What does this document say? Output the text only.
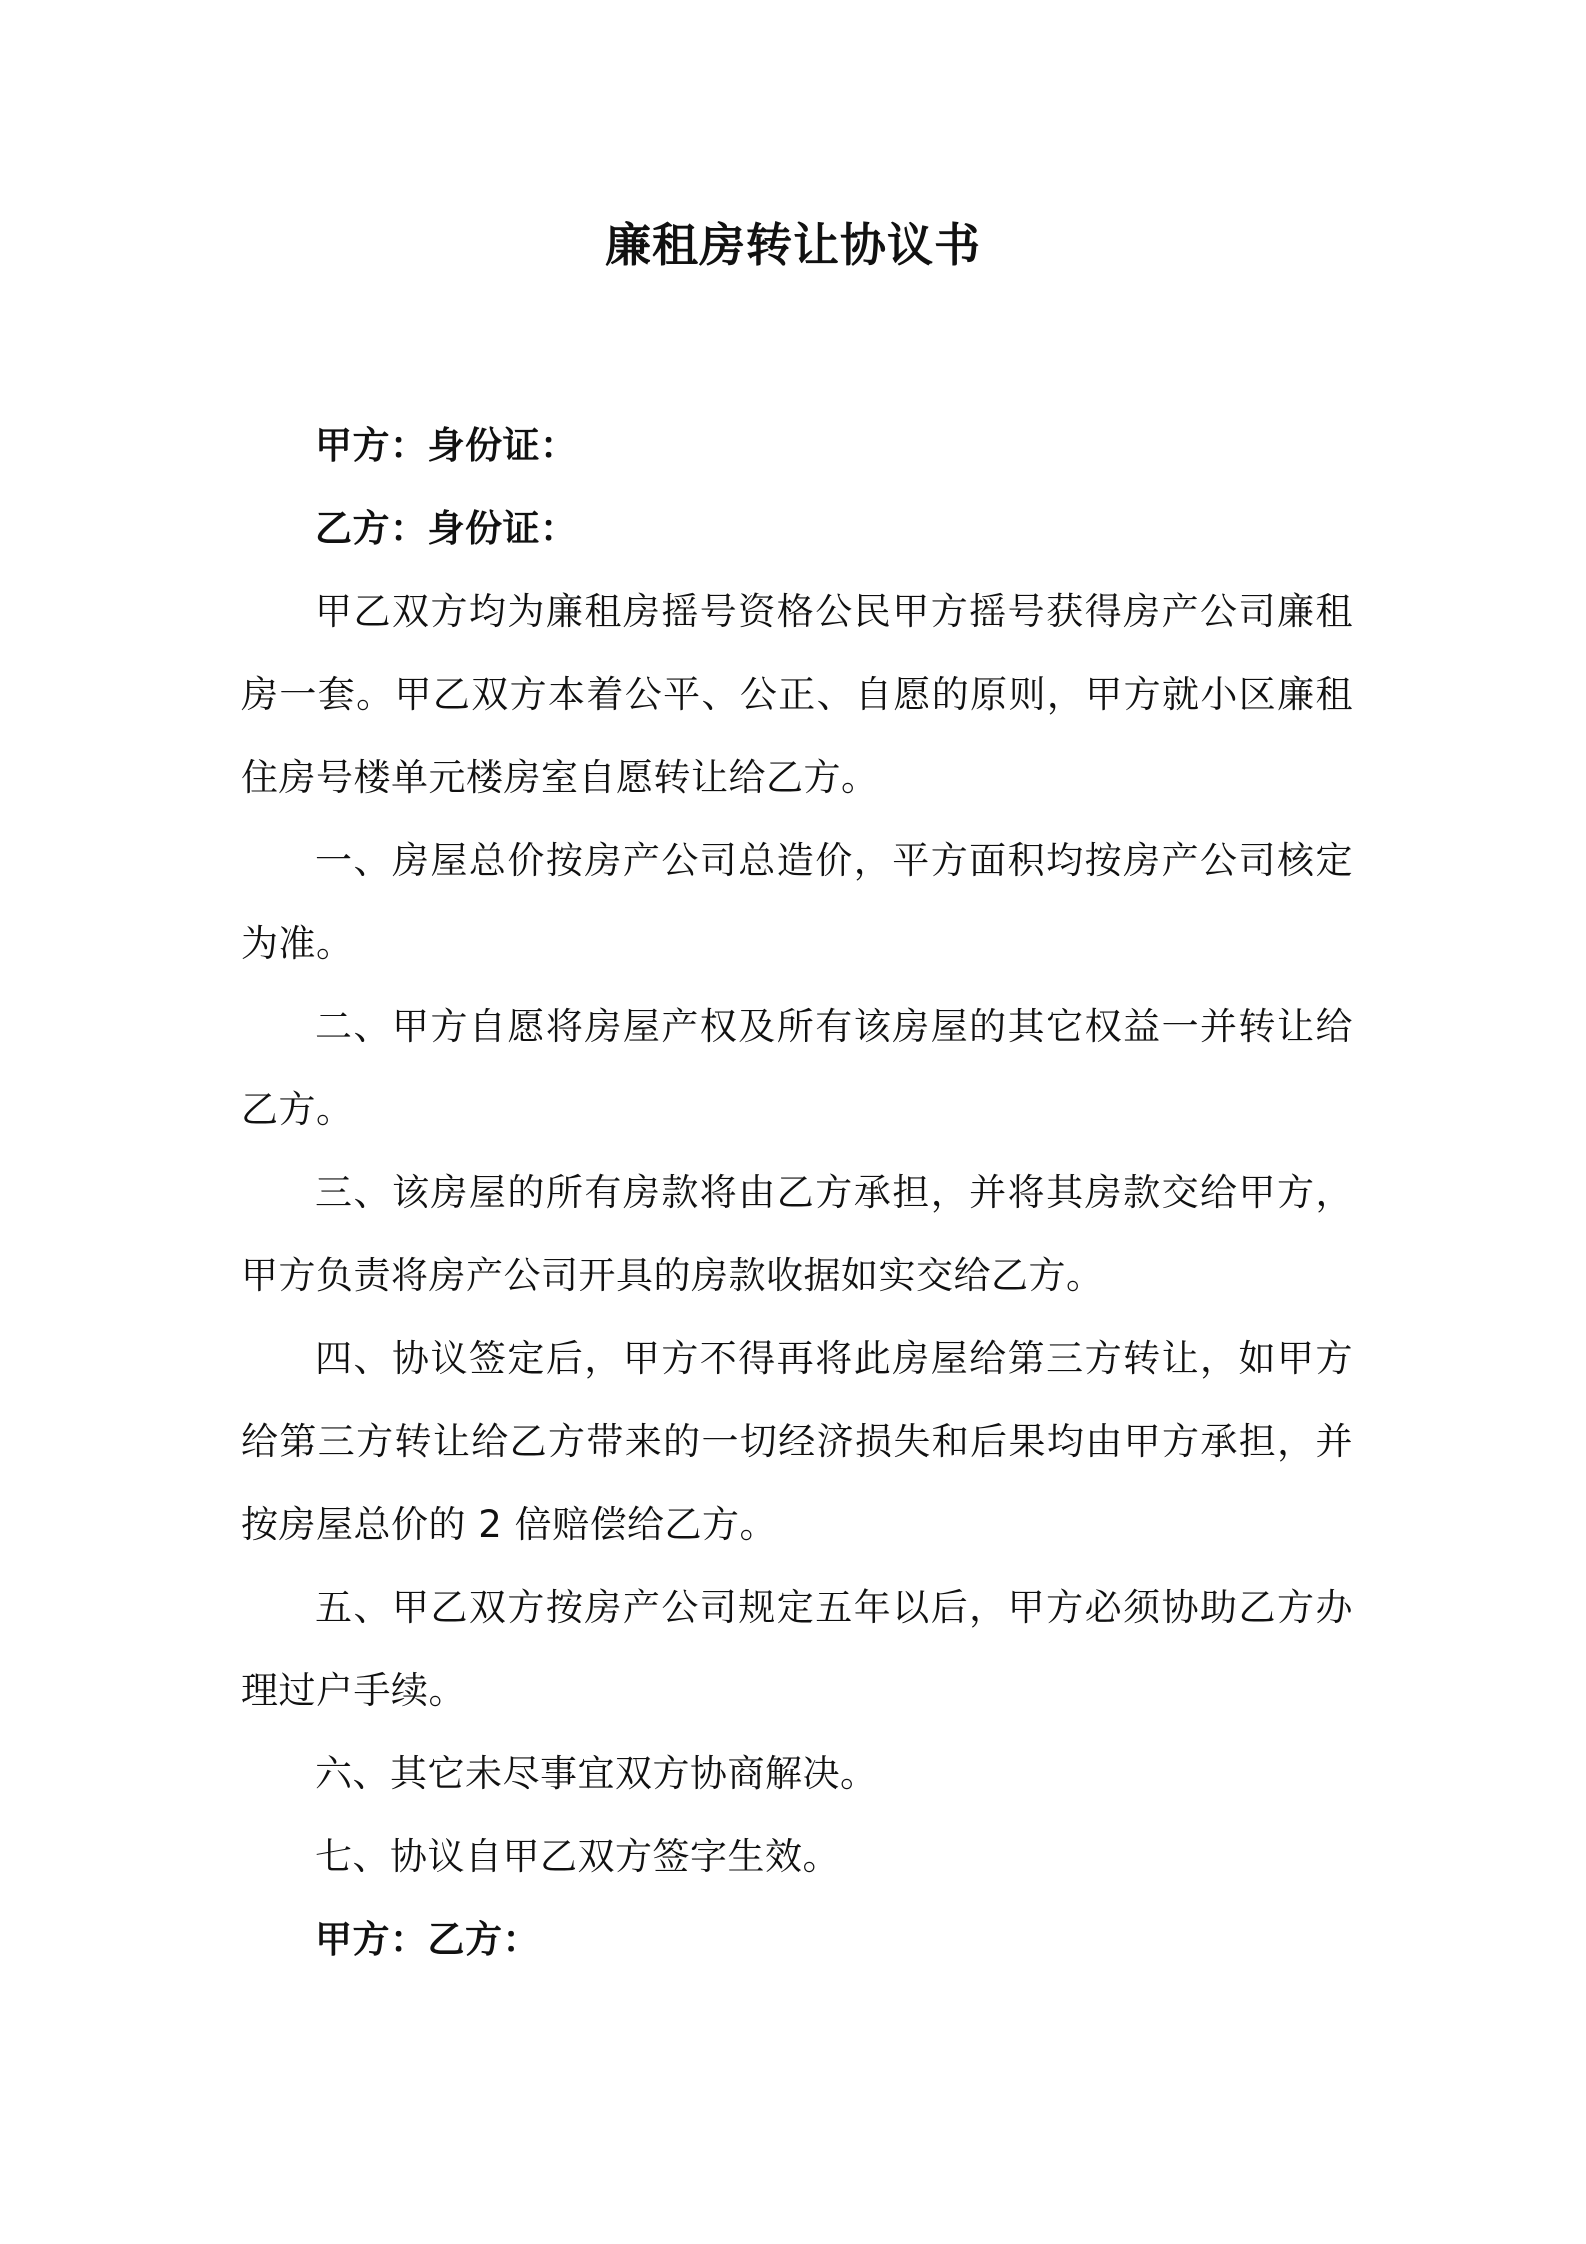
廉租房转让协议书

甲方：身份证：

乙方：身份证：

甲乙双方均为廉租房摇号资格公民甲方摇号获得房产公司廉租房一套。甲乙双方本着公平、公正、自愿的原则，甲方就小区廉租住房号楼单元楼房室自愿转让给乙方。

一、房屋总价按房产公司总造价，平方面积均按房产公司核定为准。

二、甲方自愿将房屋产权及所有该房屋的其它权益一并转让给乙方。

三、该房屋的所有房款将由乙方承担，并将其房款交给甲方，甲方负责将房产公司开具的房款收据如实交给乙方。

四、协议签定后，甲方不得再将此房屋给第三方转让，如甲方给第三方转让给乙方带来的一切经济损失和后果均由甲方承担，并按房屋总价的 2 倍赔偿给乙方。

五、甲乙双方按房产公司规定五年以后，甲方必须协助乙方办理过户手续。

六、其它未尽事宜双方协商解决。

七、协议自甲乙双方签字生效。

甲方：乙方：
